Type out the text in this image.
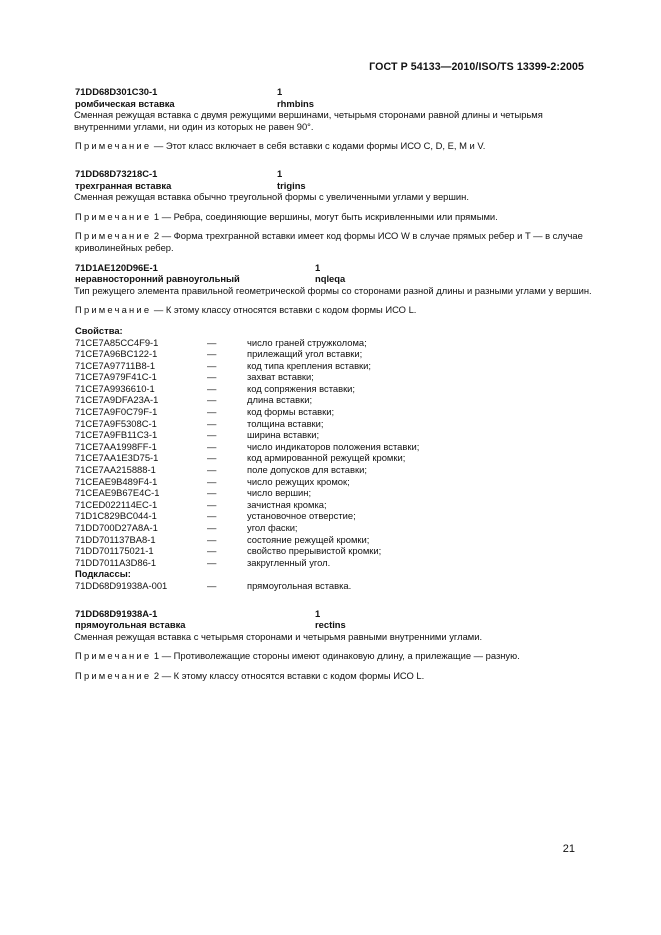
ГОСТ Р 54133—2010/ISO/TS 13399-2:2005
71DD68D301C30-1	1
ромбическая вставка	rhmbins

Сменная режущая вставка с двумя режущими вершинами, четырьмя сторонами равной длины и четырьмя внутренними углами, ни один из которых не равен 90°.

Примечание — Этот класс включает в себя вставки с кодами формы ИСО C, D, E, M и V.

71DD68D73218C-1	1
трехгранная вставка	trigins

Сменная режущая вставка обычно треугольной формы с увеличенными углами у вершин.

Примечание 1 — Ребра, соединяющие вершины, могут быть искривленными или прямыми.

Примечание 2 — Форма трехгранной вставки имеет код формы ИСО W в случае прямых ребер и T — в случае криволинейных ребер.

71D1AE120D96E-1	1
неравносторонний равноугольный	nqleqa

Тип режущего элемента правильной геометрической формы со сторонами разной длины и разными углами у вершин.

Примечание — К этому классу относятся вставки с кодом формы ИСО L.

Свойства:
71CE7A85CC4F9-1	—	число граней стружколома;
71CE7A96BC122-1	—	прилежащий угол вставки;
71CE7A97711B8-1	—	код типа крепления вставки;
71CE7A979F41C-1	—	захват вставки;
71CE7A9936610-1	—	код сопряжения вставки;
71CE7A9DFA23A-1	—	длина вставки;
71CE7A9F0C79F-1	—	код формы вставки;
71CE7A9F5308C-1	—	толщина вставки;
71CE7A9FB11C3-1	—	ширина вставки;
71CE7AA1998FF-1	—	число индикаторов положения вставки;
71CE7AA1E3D75-1	—	код армированной режущей кромки;
71CE7AA215888-1	—	поле допусков для вставки;
71CEAE9B489F4-1	—	число режущих кромок;
71CEAE9B67E4C-1	—	число вершин;
71CED022114EC-1	—	зачистная кромка;
71D1C829BC044-1	—	установочное отверстие;
71DD700D27A8A-1	—	угол фаски;
71DD701137BA8-1	—	состояние режущей кромки;
71DD701175021-1	—	свойство прерывистой кромки;
71DD7011A3D86-1	—	закругленный угол.
Подклассы:
71DD68D91938A-001	—	прямоугольная вставка.
71DD68D91938A-1	1
прямоугольная вставка	rectins

Сменная режущая вставка с четырьмя сторонами и четырьмя равными внутренними углами.

Примечание 1 — Противолежащие стороны имеют одинаковую длину, а прилежащие — разную.

Примечание 2 — К этому классу относятся вставки с кодом формы ИСО L.

21
